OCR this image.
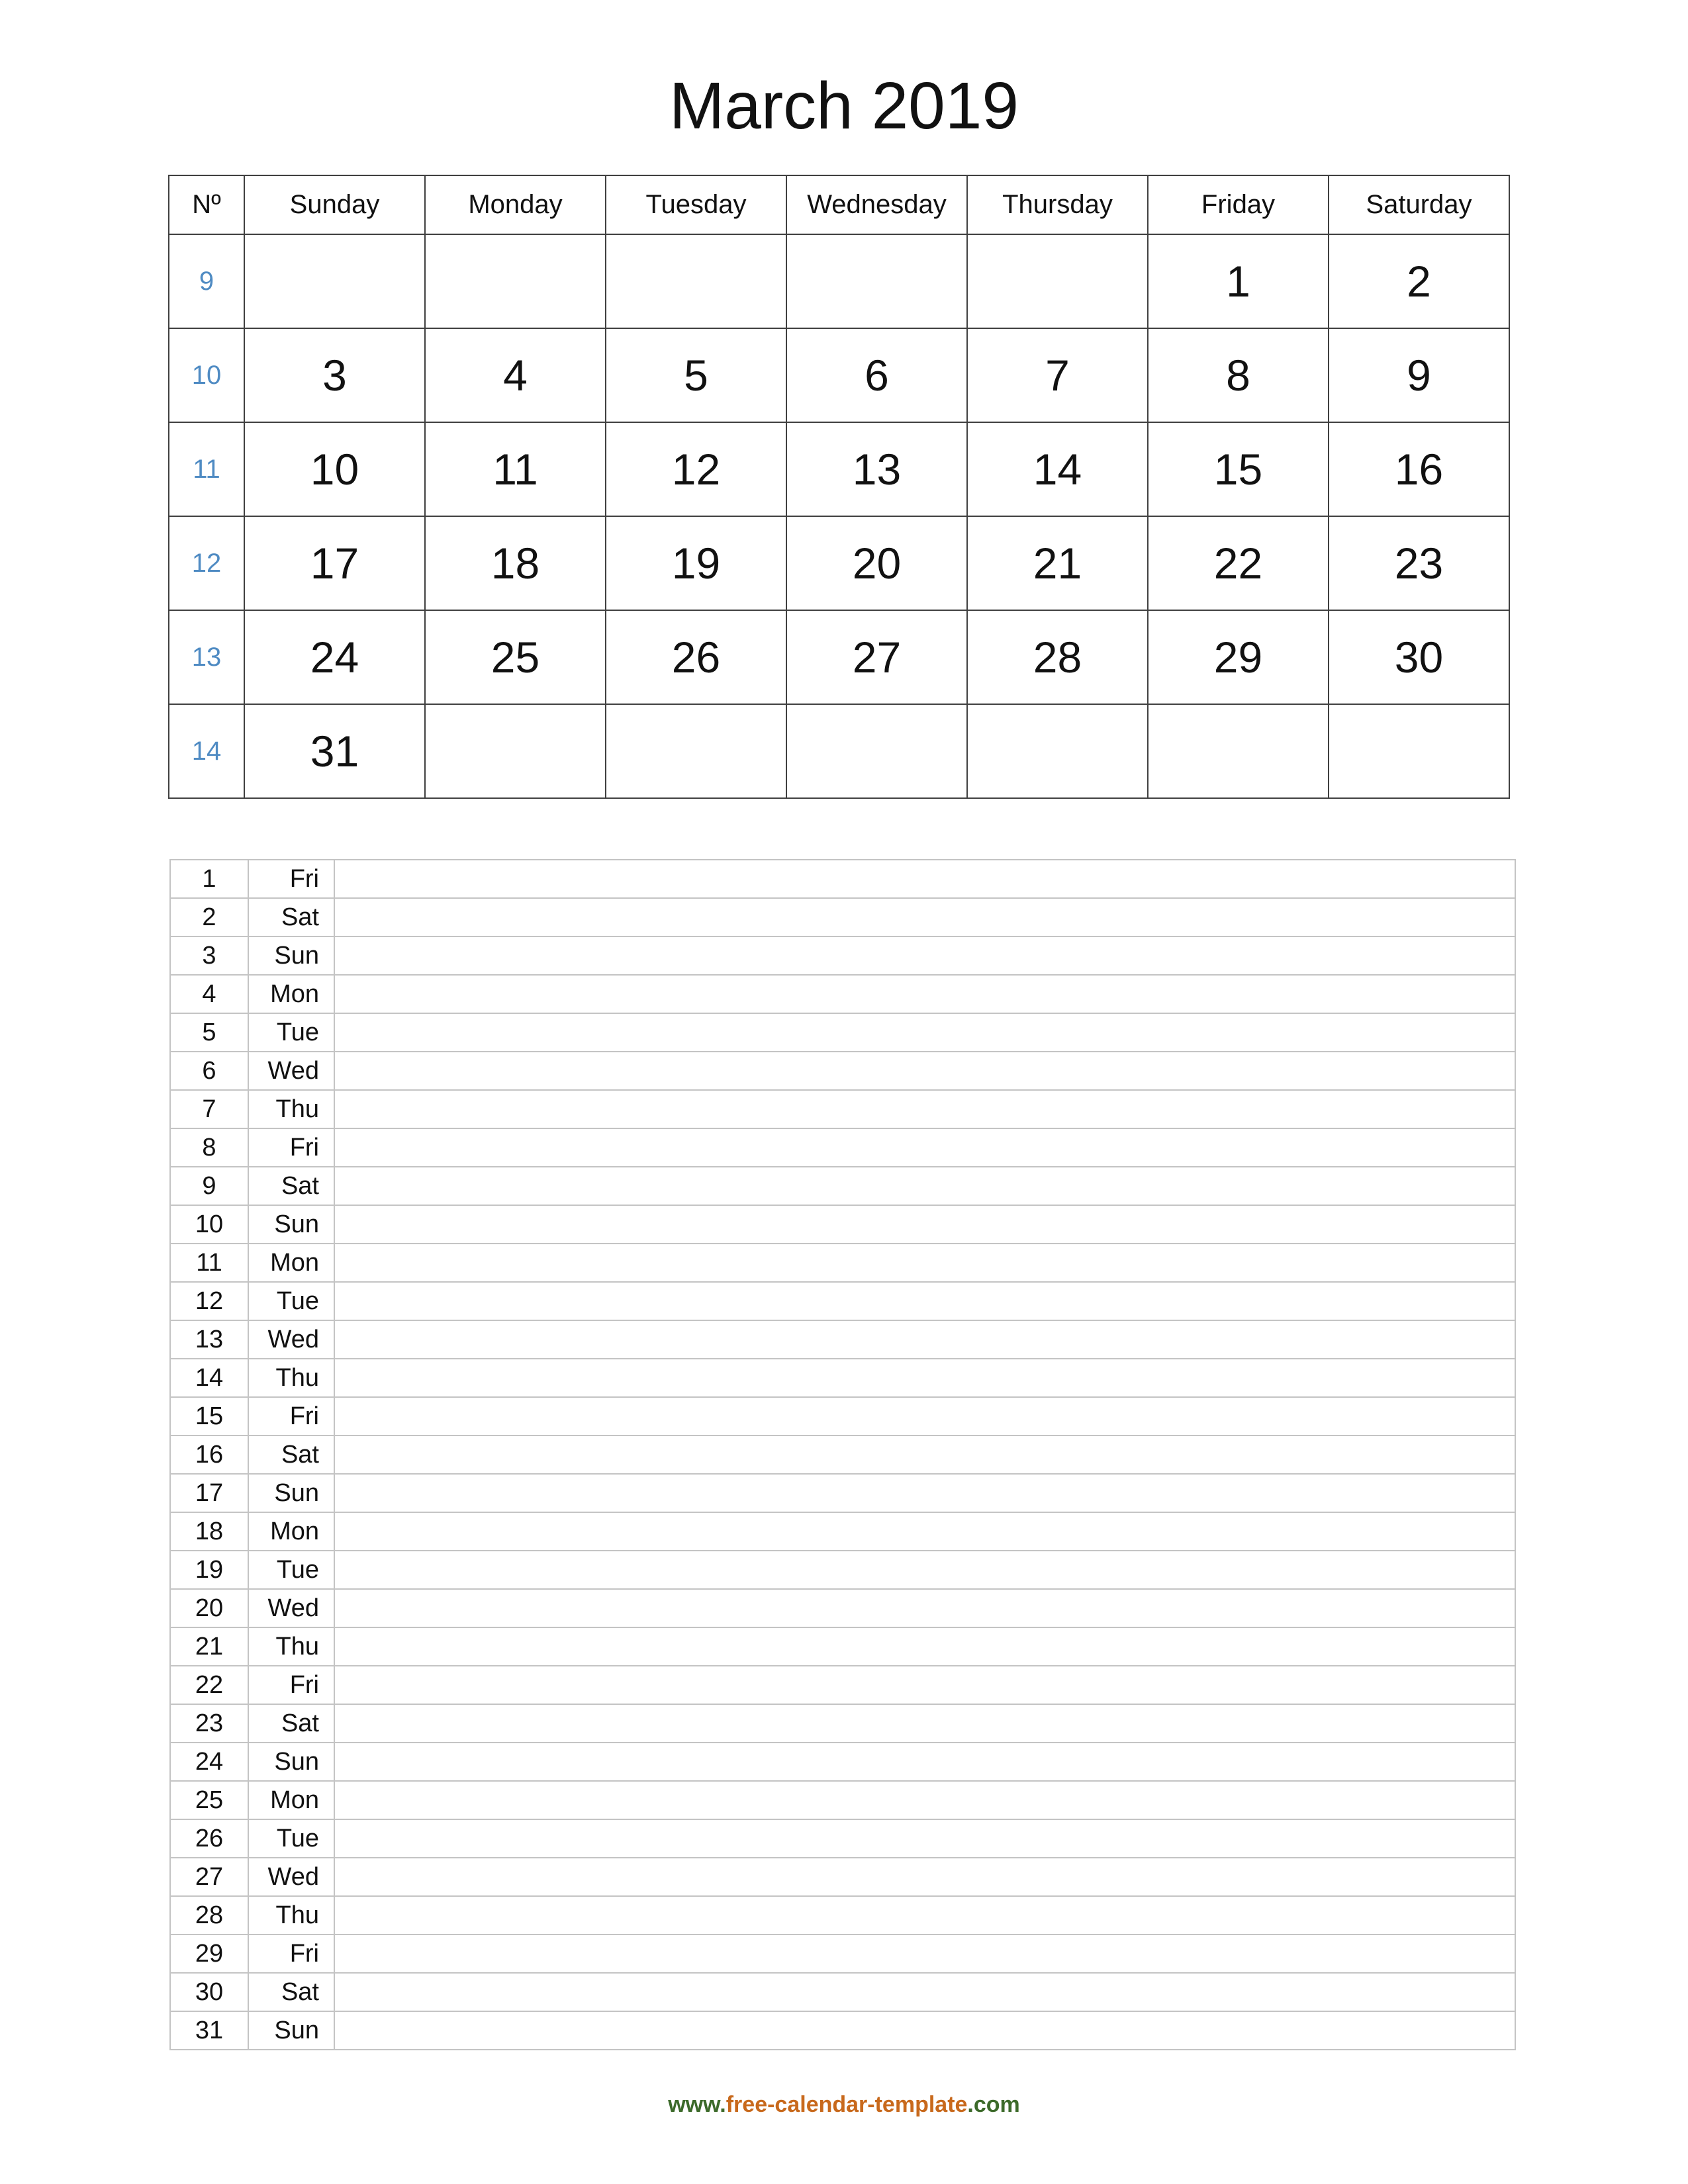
March 2019
Nº	Sunday	Monday	Tuesday	Wednesday	Thursday	Friday	Saturday
9						1	2
10	3	4	5	6	7	8	9
11	10	11	12	13	14	15	16
12	17	18	19	20	21	22	23
13	24	25	26	27	28	29	30
14	31						
1	Fri	
2	Sat	
3	Sun	
4	Mon	
5	Tue	
6	Wed	
7	Thu	
8	Fri	
9	Sat	
10	Sun	
11	Mon	
12	Tue	
13	Wed	
14	Thu	
15	Fri	
16	Sat	
17	Sun	
18	Mon	
19	Tue	
20	Wed	
21	Thu	
22	Fri	
23	Sat	
24	Sun	
25	Mon	
26	Tue	
27	Wed	
28	Thu	
29	Fri	
30	Sat	
31	Sun	
www.free-calendar-template.com
